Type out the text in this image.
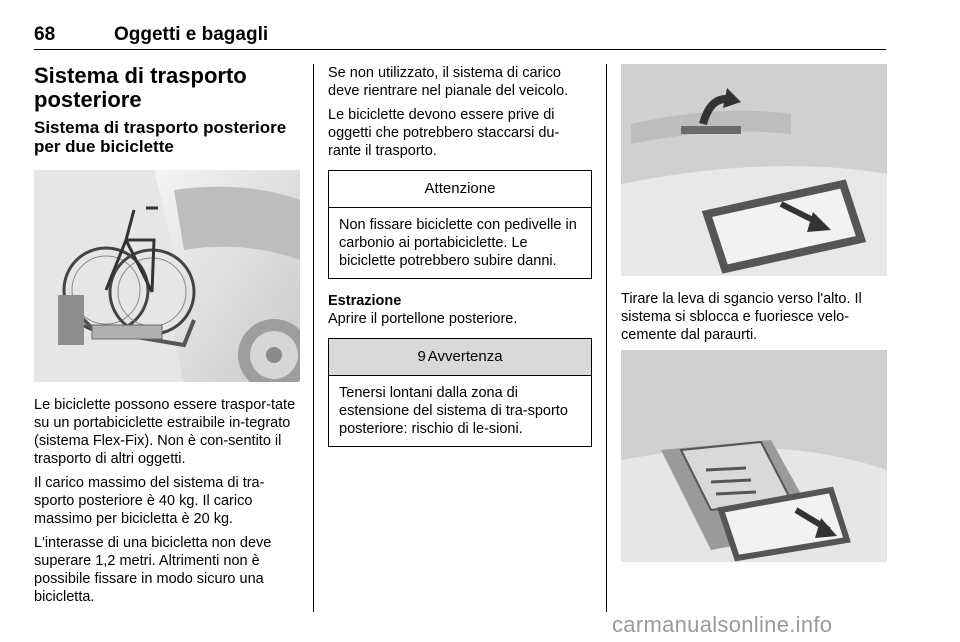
68	Oggetti e bagagli
Sistema di trasporto posteriore
Sistema di trasporto posteriore per due biciclette

Le biciclette possono essere traspor-tate su un portabiciclette estraibile in-tegrato (sistema Flex-Fix). Non è con-sentito il trasporto di altri oggetti.

Il carico massimo del sistema di tra-sporto posteriore è 40 kg. Il carico massimo per bicicletta è 20 kg.

L'interasse di una bicicletta non deve superare 1,2 metri. Altrimenti non è possibile fissare in modo sicuro una bicicletta.

Se non utilizzato, il sistema di carico deve rientrare nel pianale del veicolo.

Le biciclette devono essere prive di oggetti che potrebbero staccarsi du-rante il trasporto.

Attenzione
Non fissare biciclette con pedivelle in carbonio ai portabiciclette. Le biciclette potrebbero subire danni.
Estrazione

Aprire il portellone posteriore.

9 Avvertenza
Tenersi lontani dalla zona di estensione del sistema di tra-sporto posteriore: rischio di le-sioni.

Tirare la leva di sgancio verso l'alto. Il sistema si sblocca e fuoriesce velo-cemente dal paraurti.

carmanualsonline.info
